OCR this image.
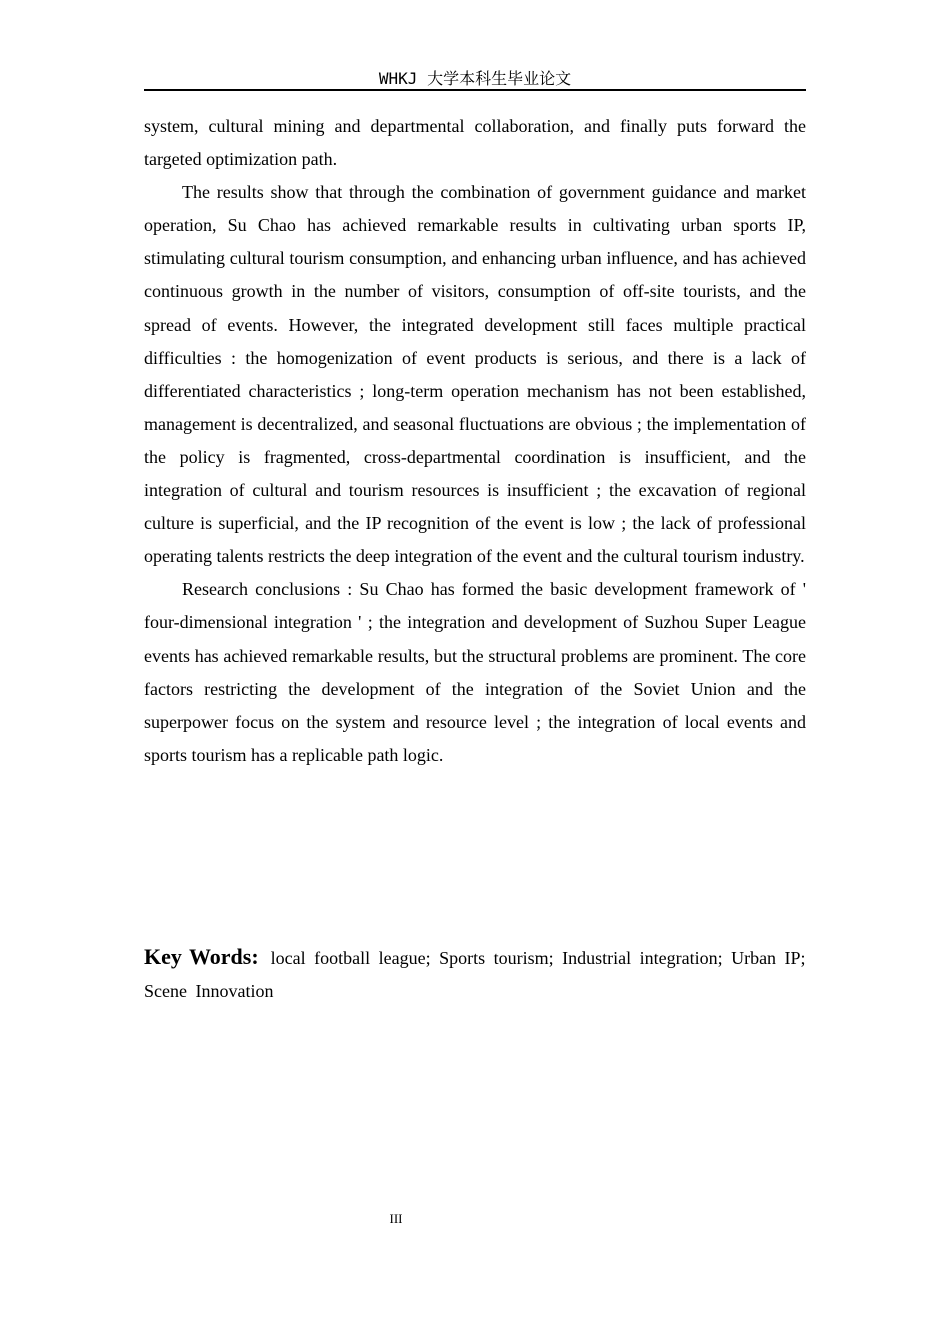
WHKJ 大学本科生毕业论文

system, cultural mining and departmental collaboration, and finally puts forward the targeted optimization path.

The results show that through the combination of government guidance and market operation, Su Chao has achieved remarkable results in cultivating urban sports IP, stimulating cultural tourism consumption, and enhancing urban influence, and has achieved continuous growth in the number of visitors, consumption of off-site tourists, and the spread of events. However, the integrated development still faces multiple practical difficulties : the homogenization of event products is serious, and there is a lack of differentiated characteristics ; long-term operation mechanism has not been established, management is decentralized, and seasonal fluctuations are obvious ; the implementation of the policy is fragmented, cross-departmental coordination is insufficient, and the integration of cultural and tourism resources is insufficient ; the excavation of regional culture is superficial, and the IP recognition of the event is low ; the lack of professional operating talents restricts the deep integration of the event and the cultural tourism industry.

Research conclusions : Su Chao has formed the basic development framework of ' four-dimensional integration ' ; the integration and development of Suzhou Super League events has achieved remarkable results, but the structural problems are prominent. The core factors restricting the development of the integration of the Soviet Union and the superpower focus on the system and resource level ; the integration of local events and sports tourism has a replicable path logic.

Key Words: local football league; Sports tourism; Industrial integration; Urban IP; Scene Innovation
III
